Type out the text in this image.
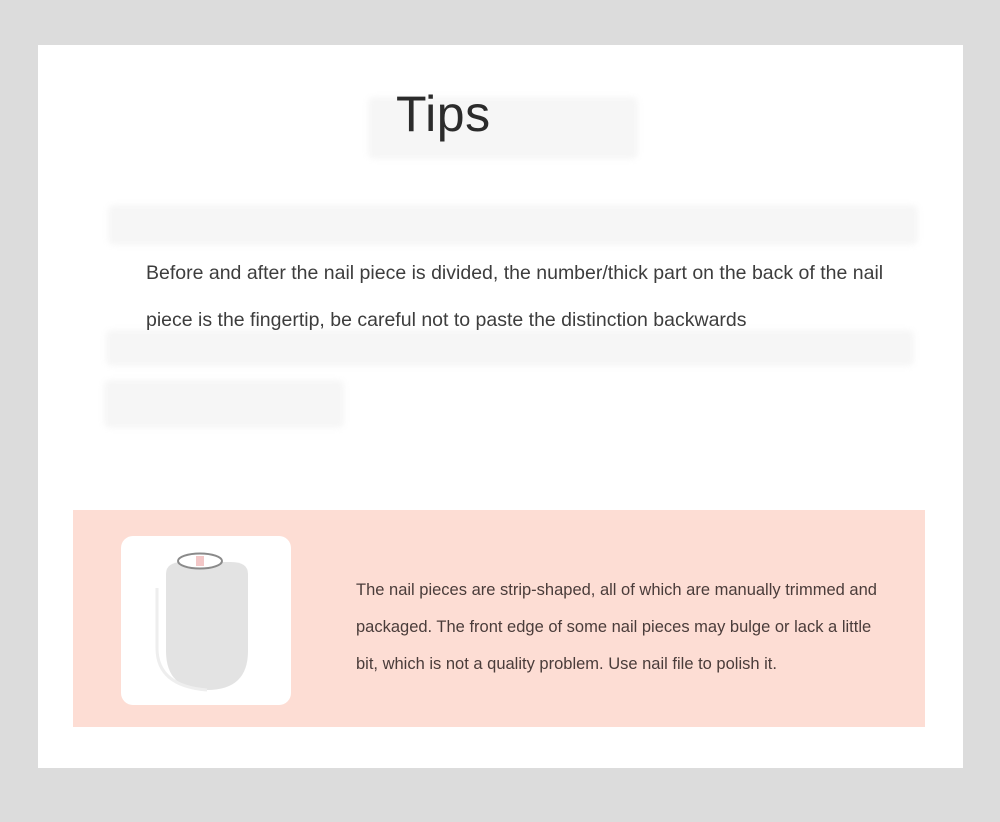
Tips

Before and after the nail piece is divided, the number/thick part on the back of the nail piece is the fingertip, be careful not to paste the distinction backwards

The nail pieces are strip-shaped, all of which are manually trimmed and packaged. The front edge of some nail pieces may bulge or lack a little bit, which is not a quality problem. Use nail file to polish it.
